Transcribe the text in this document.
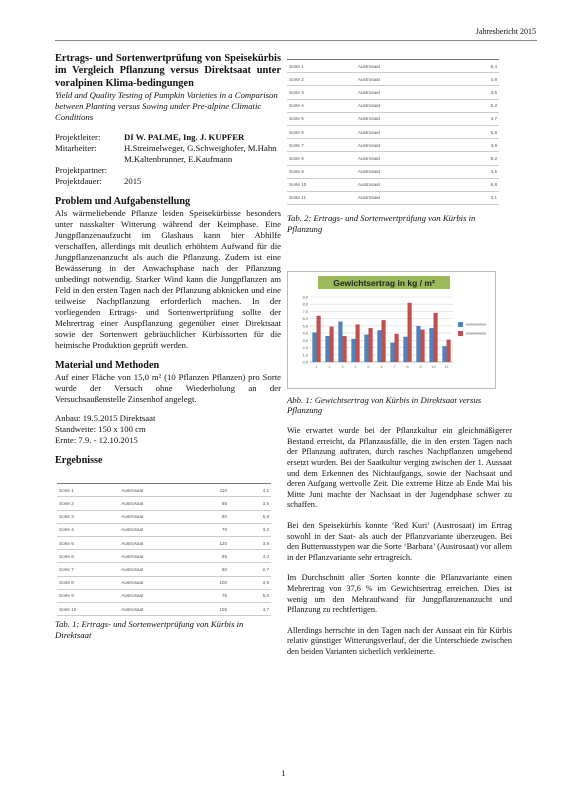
Jahresbericht 2015

Ertrags- und Sortenwertprüfung von Speisekürbis im Vergleich Pflanzung versus Direktsaat unter voralpinen Klima-bedingungen

Yield and Quality Testing of Pumpkin Varieties in a Comparison between Planting versus Sowing under Pre-alpine Climatic Conditions

Projektleiter:	DI W. PALME, Ing. J. KUPFER
Mitarbeiter:	H.Streimelweger, G.Schweighofer, M.Hahn M.Kaltenbrunner, E.Kaufmann
Projektpartner:	
Projektdauer:	2015
Problem und Aufgabenstellung

Als wärmeliebende Pflanze leiden Speisekürbisse besonders unter nasskalter Witterung während der Keimphase. Eine Jungpflanzenaufzucht im Glashaus kann hier Abhilfe verschaffen, allerdings mit deutlich erhöhtem Aufwand für die Jungpflanzenanzucht als auch die Pflanzung. Zudem ist eine Bewässerung in der Anwachsphase nach der Pflanzung unbedingt notwendig. Starker Wind kann die Jungpflanzen am Feld in den ersten Tagen nach der Pflanzung abknicken und eine teilweise Nachpflanzung erforderlich machen. In der vorliegenden Ertrags- und Sortenwertprüfung sollte der Mehrertrag einer Auspflanzung gegenüber einer Direktsaat sowie der Sortenwert gebräuchlicher Kürbissorten für die heimische Produktion geprüft werden.

Material und Methoden

Auf einer Fläche von 15,0 m² (10 Pflanzen Pflanzen) pro Sorte wurde der Versuch ohne Wiederholung an der Versuchsaußenstelle Zinsenhof angelegt.

Anbau: 19.5.2015 Direktsaat

Standweite: 150 x 100 cm

Ernte: 7.9. - 12.10.2015

Ergebnisse

Sorte 1	Austrosaat	110		4,1
Sorte 2	Austrosaat	85		3,6
Sorte 3	Austrosaat	90		5,6
Sorte 4	Austrosaat	70		3,2
Sorte 5	Austrosaat	120		3,8
Sorte 6	Austrosaat	95		4,4
Sorte 7	Austrosaat	60		2,7
Sorte 8	Austrosaat	100		3,5
Sorte 9	Austrosaat	75		5,0
Sorte 10	Austrosaat	105		4,7

Tab. 1: Ertrags- und Sortenwertprüfung von Kürbis in Direktsaat

Sorte 1	Austrosaat			6,4
Sorte 2	Austrosaat			4,9
Sorte 3	Austrosaat			3,6
Sorte 4	Austrosaat			5,2
Sorte 5	Austrosaat			4,7
Sorte 6	Austrosaat			5,8
Sorte 7	Austrosaat			3,9
Sorte 8	Austrosaat			8,2
Sorte 9	Austrosaat			4,5
Sorte 10	Austrosaat			6,8
Sorte 11	Austrosaat			3,1

Tab. 2: Ertrags- und Sortenwertprüfung von Kürbis in Pflanzung

Gewichtsertrag in kg / m²
0,0
1,0
2,0
3,0
4,0
5,0
6,0
7,0
8,0
9,0
1	2	3	4	5	6	7	8	9 10 11

Abb. 1: Gewichtsertrag von Kürbis in Direktsaat versus Pflanzung

Wie erwartet wurde bei der Pflanzkultur ein gleichmäßigerer Bestand erreicht, da Pflanzausfälle, die in den ersten Tagen nach der Pflanzung auftraten, durch rasches Nachpflanzen umgehend ersetzt wurden. Bei der Saatkultur verging zwischen der 1. Aussaat und dem Erkennen des Nichtaufgangs, sowie der Nachsaat und deren Aufgang wertvolle Zeit. Die extreme Hitze ab Ende Mai bis Mitte Juni machte der Nachsaat in der Jugendphase schwer zu schaffen.

Bei den Speisekürbis konnte ‘Red Kuri’ (Austrosaat) im Ertrag sowohl in der Saat- als auch der Pflanzvariante überzeugen. Bei den Butternusstypen war die Sorte ‘Barbara’ (Austrosaat) vor allem in der Pflanzvariante sehr ertragreich.

Im Durchschnitt aller Sorten konnte die Pflanzvariante einen Mehrertrag von 37,6 % im Gewichtsertrag erreichen. Dies ist wenig um den Mehraufwand für Jungpflanzenanzucht und Pflanzung zu rechtfertigen.

Allerdings herrschte in den Tagen nach der Aussaat ein für Kürbis relativ günstiger Witterungsverlauf, der die Unterschiede zwischen den beiden Varianten sicherlich verkleinerte.

1
